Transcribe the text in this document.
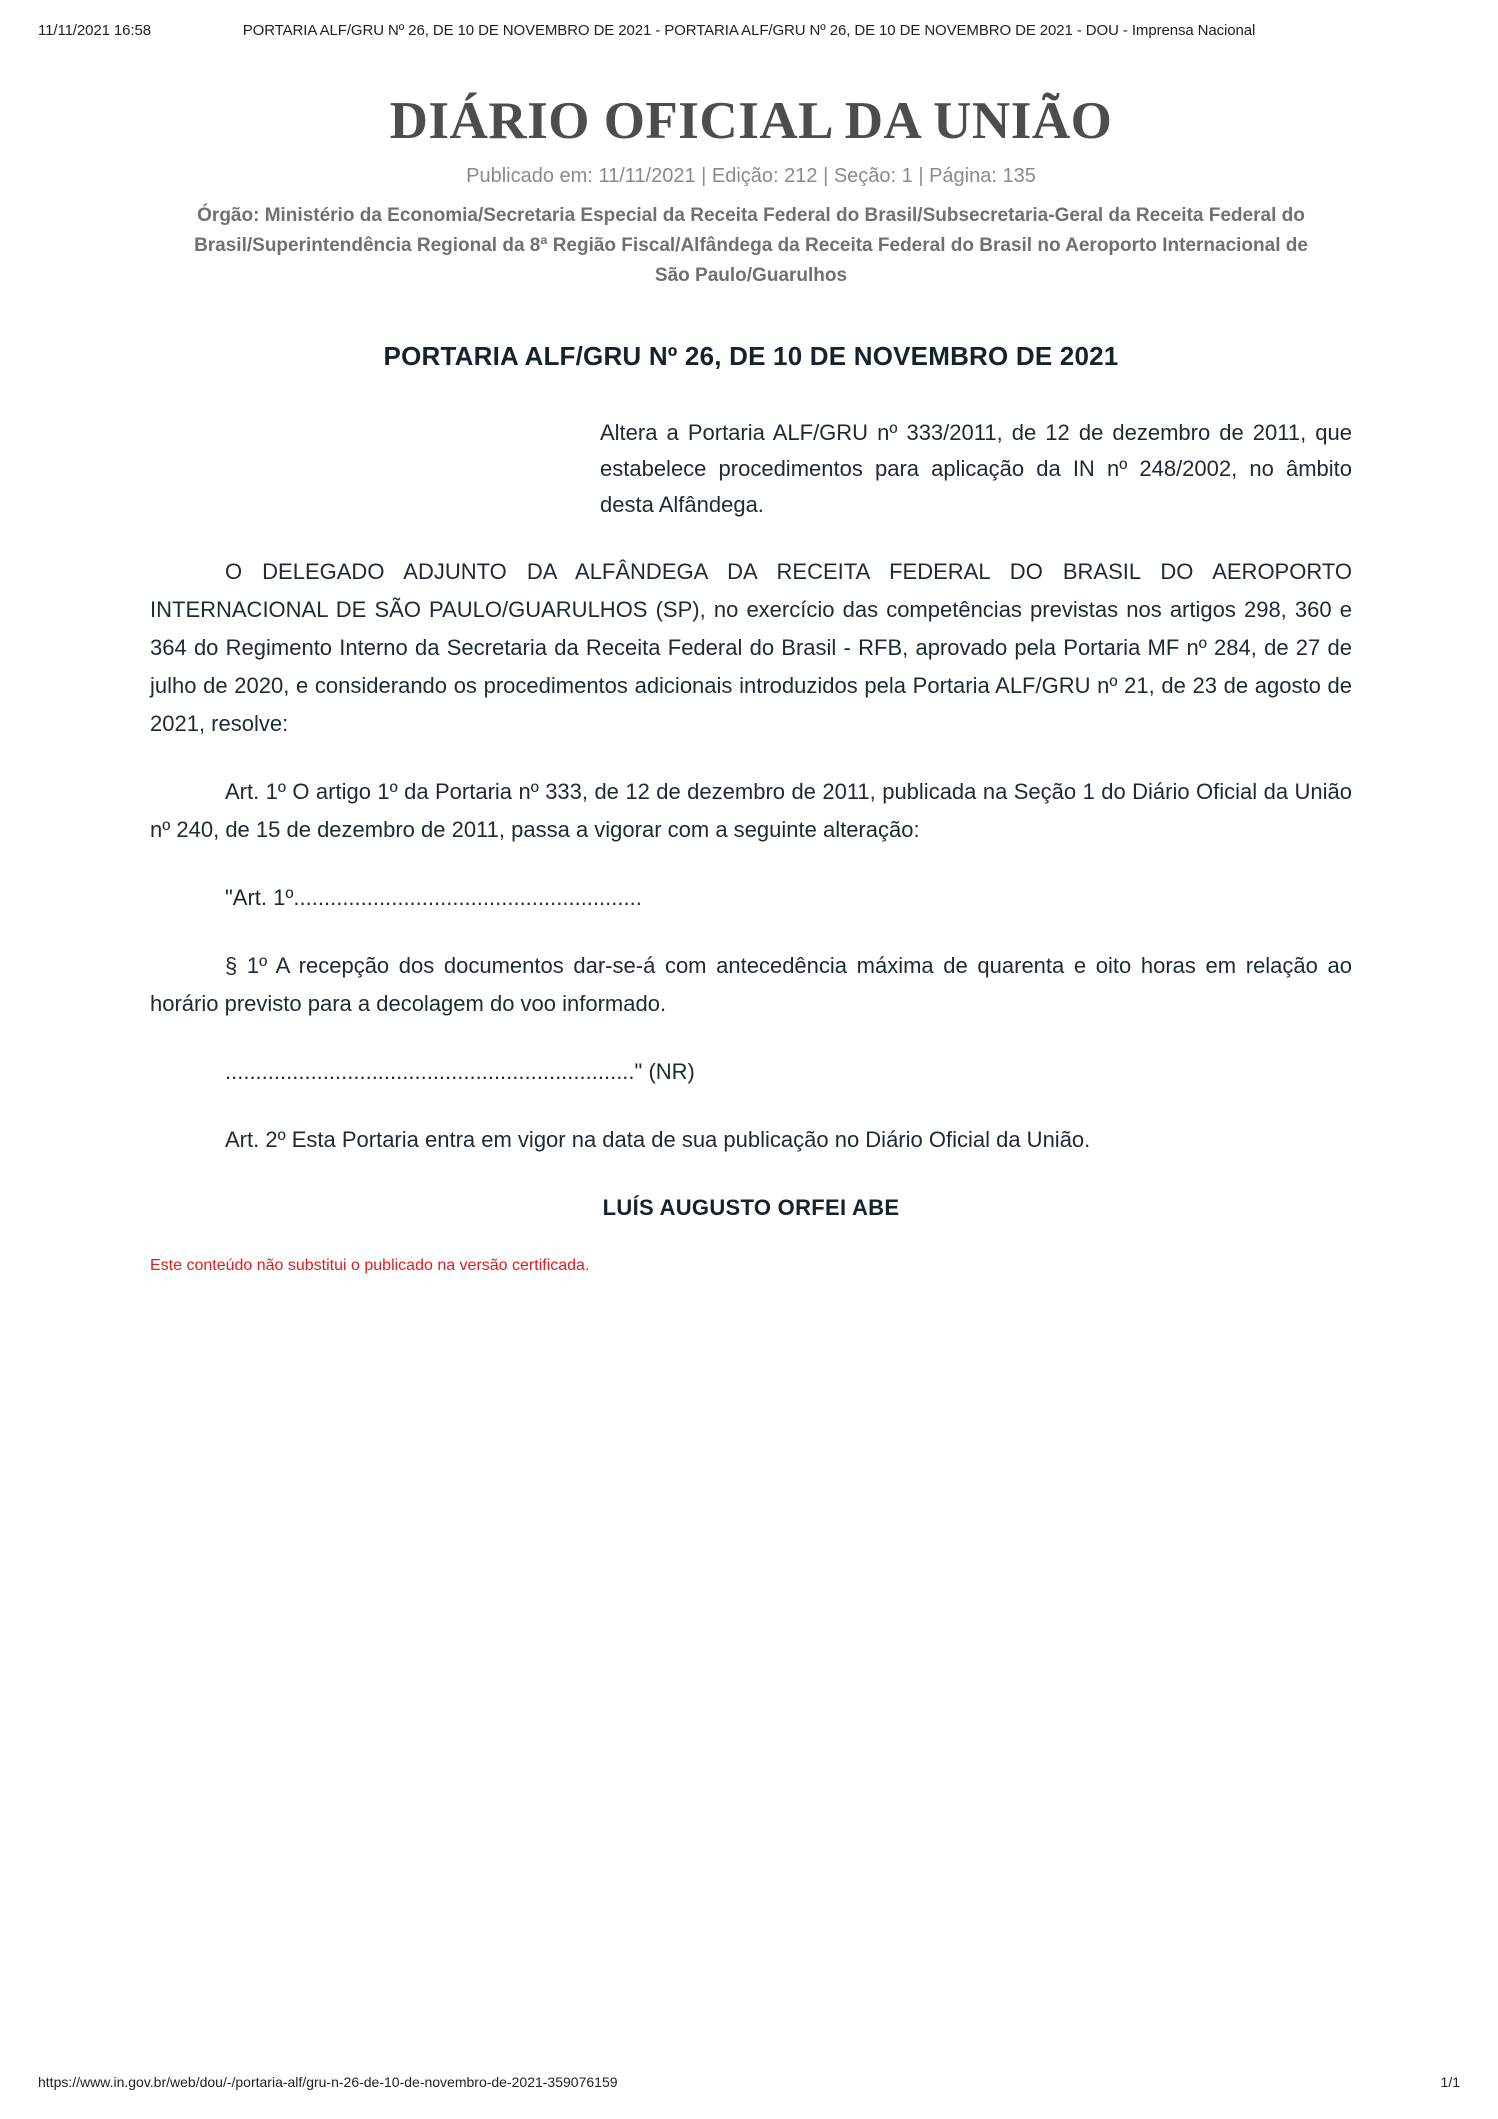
11/11/2021 16:58	PORTARIA ALF/GRU Nº 26, DE 10 DE NOVEMBRO DE 2021 - PORTARIA ALF/GRU Nº 26, DE 10 DE NOVEMBRO DE 2021 - DOU - Imprensa Nacional
DIÁRIO OFICIAL DA UNIÃO
Publicado em: 11/11/2021 | Edição: 212 | Seção: 1 | Página: 135
Órgão: Ministério da Economia/Secretaria Especial da Receita Federal do Brasil/Subsecretaria-Geral da Receita Federal do Brasil/Superintendência Regional da 8ª Região Fiscal/Alfândega da Receita Federal do Brasil no Aeroporto Internacional de São Paulo/Guarulhos
PORTARIA ALF/GRU Nº 26, DE 10 DE NOVEMBRO DE 2021
Altera a Portaria ALF/GRU nº 333/2011, de 12 de dezembro de 2011, que estabelece procedimentos para aplicação da IN nº 248/2002, no âmbito desta Alfândega.
O DELEGADO ADJUNTO DA ALFÂNDEGA DA RECEITA FEDERAL DO BRASIL DO AEROPORTO INTERNACIONAL DE SÃO PAULO/GUARULHOS (SP), no exercício das competências previstas nos artigos 298, 360 e 364 do Regimento Interno da Secretaria da Receita Federal do Brasil - RFB, aprovado pela Portaria MF nº 284, de 27 de julho de 2020, e considerando os procedimentos adicionais introduzidos pela Portaria ALF/GRU nº 21, de 23 de agosto de 2021, resolve:
Art. 1º O artigo 1º da Portaria nº 333, de 12 de dezembro de 2011, publicada na Seção 1 do Diário Oficial da União nº 240, de 15 de dezembro de 2011, passa a vigorar com a seguinte alteração:
"Art. 1º.........................................................
§ 1º A recepção dos documentos dar-se-á com antecedência máxima de quarenta e oito horas em relação ao horário previsto para a decolagem do voo informado.
..................................................................." (NR)
Art. 2º Esta Portaria entra em vigor na data de sua publicação no Diário Oficial da União.
LUÍS AUGUSTO ORFEI ABE
Este conteúdo não substitui o publicado na versão certificada.
https://www.in.gov.br/web/dou/-/portaria-alf/gru-n-26-de-10-de-novembro-de-2021-359076159	1/1
